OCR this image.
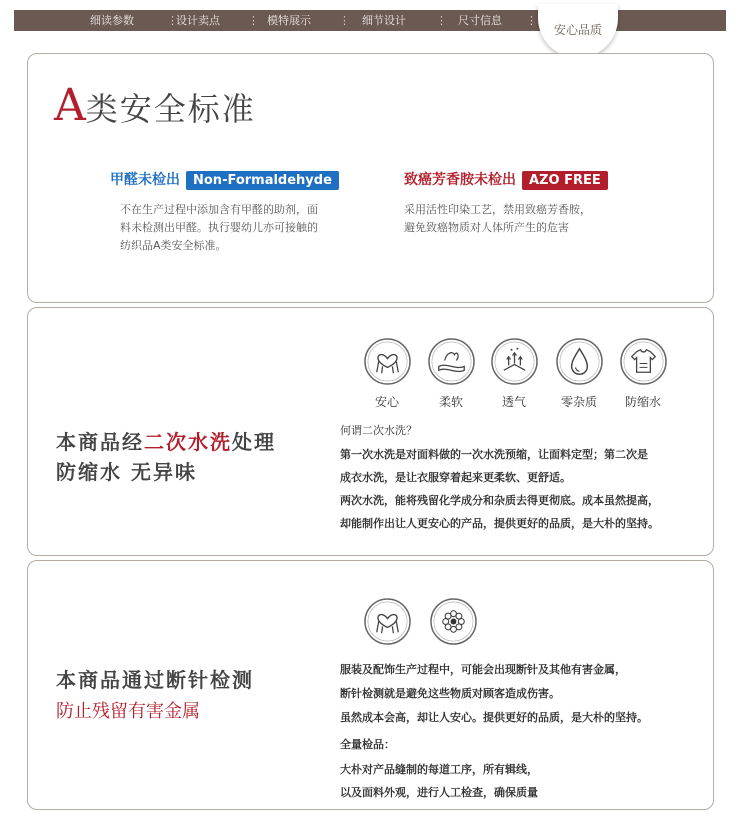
细读参数	⋮
设计卖点	⋮ 模特展示	⋮ 细节设计	⋮ 尺寸信息 ⋮
安心品质
A类安全标准
甲醛未检出 Non-Formaldehyde
不在生产过程中添加含有甲醛的助剂，面
料未检测出甲醛。执行婴幼儿亦可接触的
纺织品A类安全标准。
致癌芳香胺未检出 AZO FREE
采用活性印染工艺，禁用致癌芳香胺，
避免致癌物质对人体所产生的危害
安心	柔软	透气	零杂质	防缩水
本商品经二次水洗处理
防缩水 无异味
何谓二次水洗？
第一次水洗是对面料做的一次水洗预缩，让面料定型；第二次是
成衣水洗，是让衣服穿着起来更柔软、更舒适。
两次水洗，能将残留化学成分和杂质去得更彻底。成本虽然提高，
却能制作出让人更安心的产品，提供更好的品质，是大朴的坚持。
本商品通过断针检测
防止残留有害金属
服装及配饰生产过程中，可能会出现断针及其他有害金属，
断针检测就是避免这些物质对顾客造成伤害。
虽然成本会高，却让人安心。提供更好的品质，是大朴的坚持。
全量检品：
大朴对产品缝制的每道工序，所有辑线，
以及面料外观，进行人工检查，确保质量
